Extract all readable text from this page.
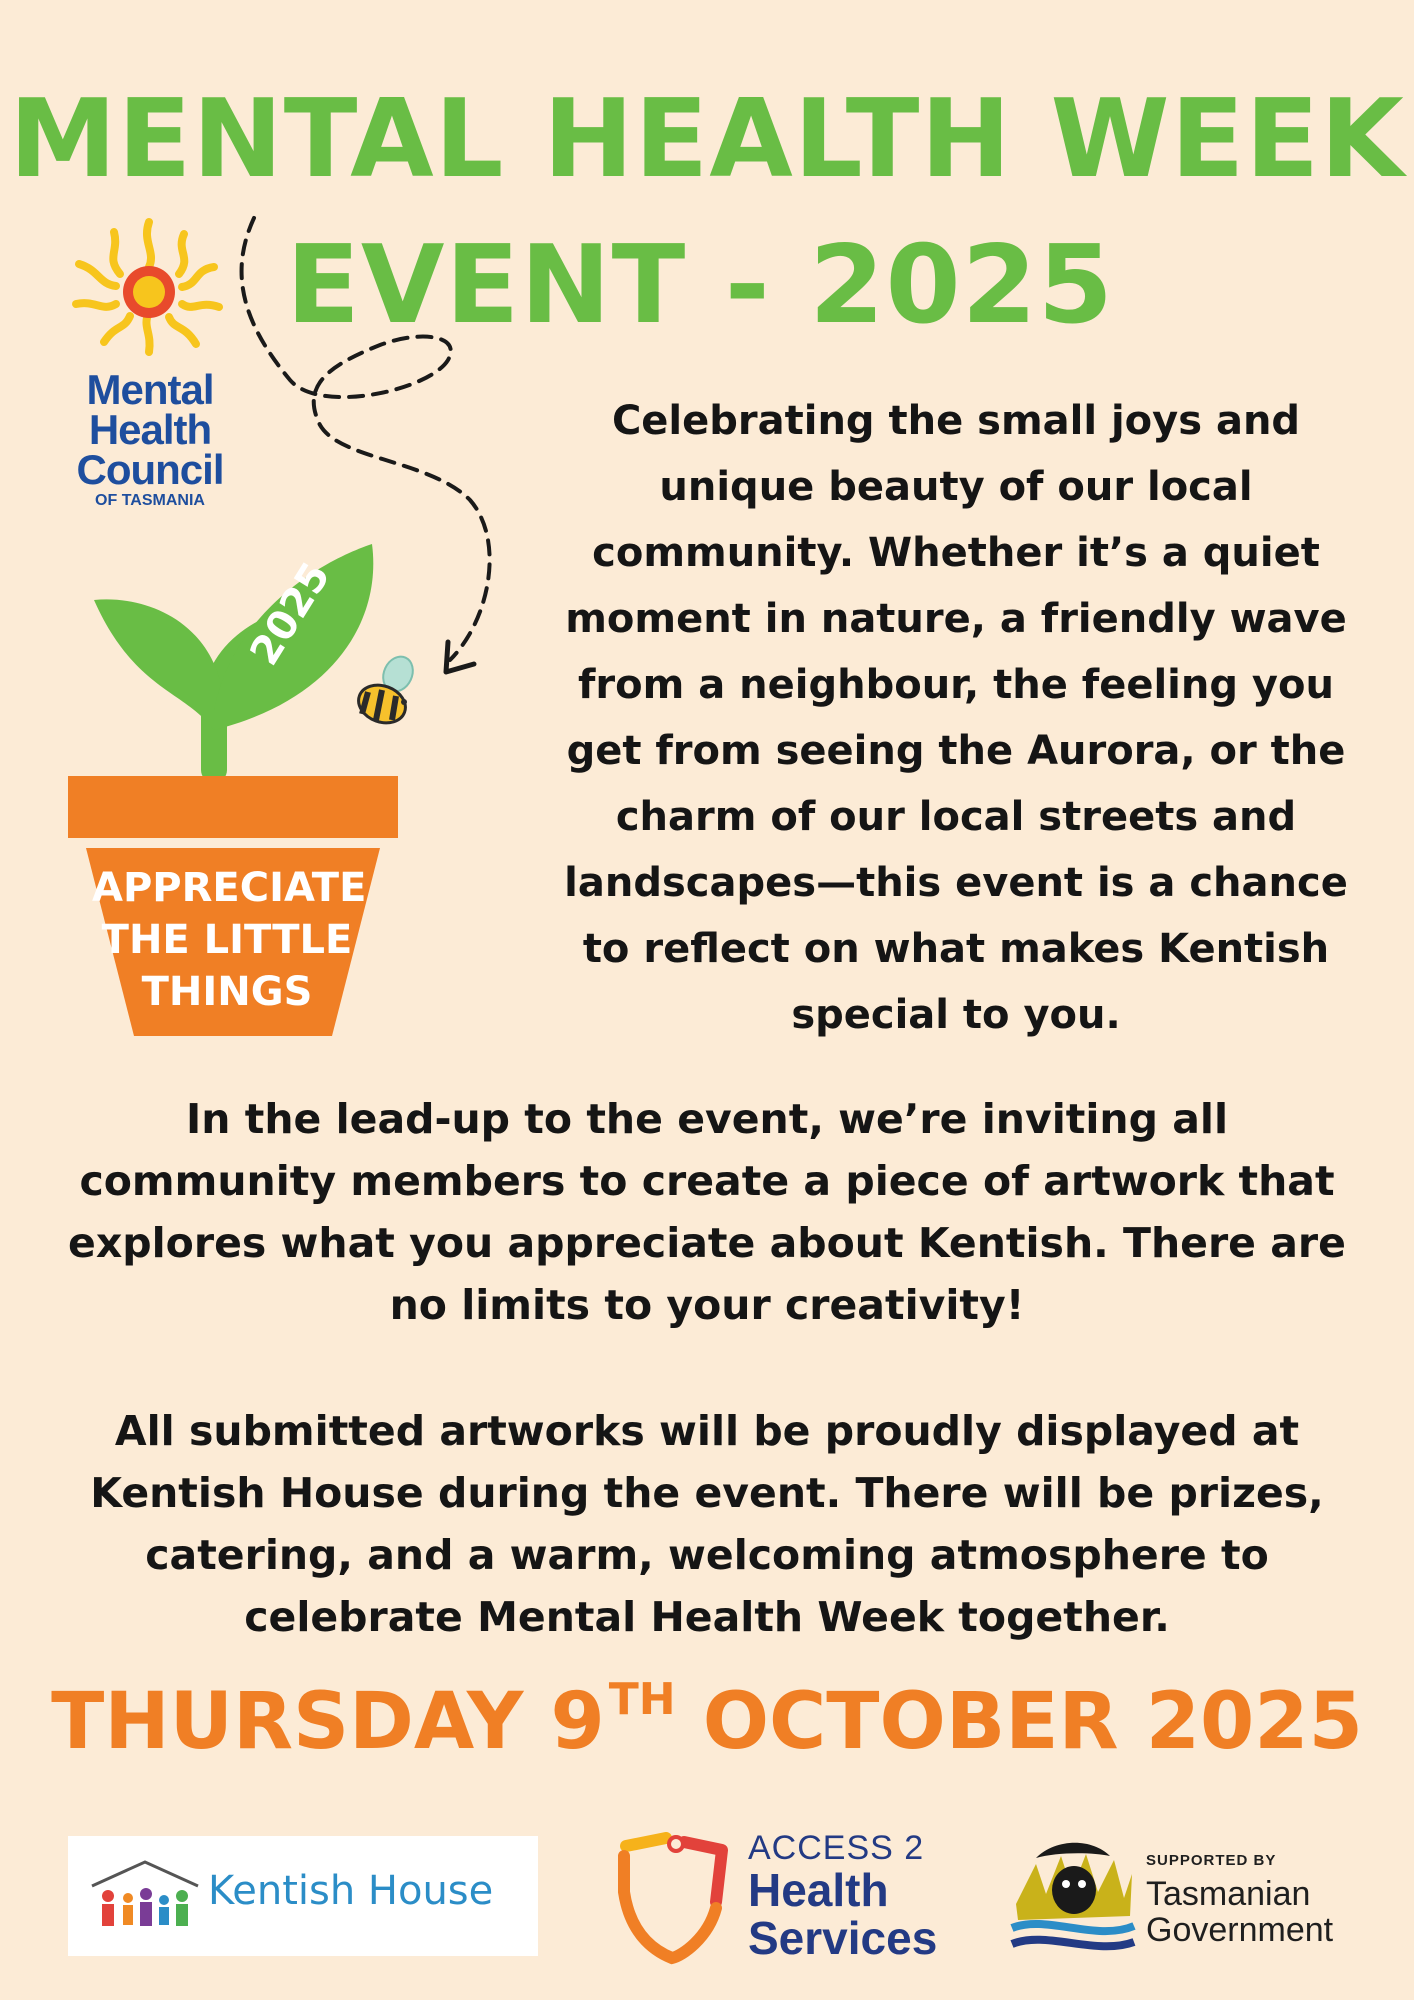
MENTAL HEALTH WEEK
EVENT - 2025
Mental
Health
Council
OF TASMANIA
2025
APPRECIATE
THE LITTLE
THINGS
Celebrating the small joys and
unique beauty of our local
community. Whether it’s a quiet
moment in nature, a friendly wave
from a neighbour, the feeling you
get from seeing the Aurora, or the
charm of our local streets and
landscapes—this event is a chance
to reflect on what makes Kentish
special to you.
In the lead-up to the event, we’re inviting all
community members to create a piece of artwork that
explores what you appreciate about Kentish. There are
no limits to your creativity!
All submitted artworks will be proudly displayed at
Kentish House during the event. There will be prizes,
catering, and a warm, welcoming atmosphere to
celebrate Mental Health Week together.
THURSDAY 9TH OCTOBER 2025
Kentish House
ACCESS 2
Health
Services
SUPPORTED BY
Tasmanian
Government
